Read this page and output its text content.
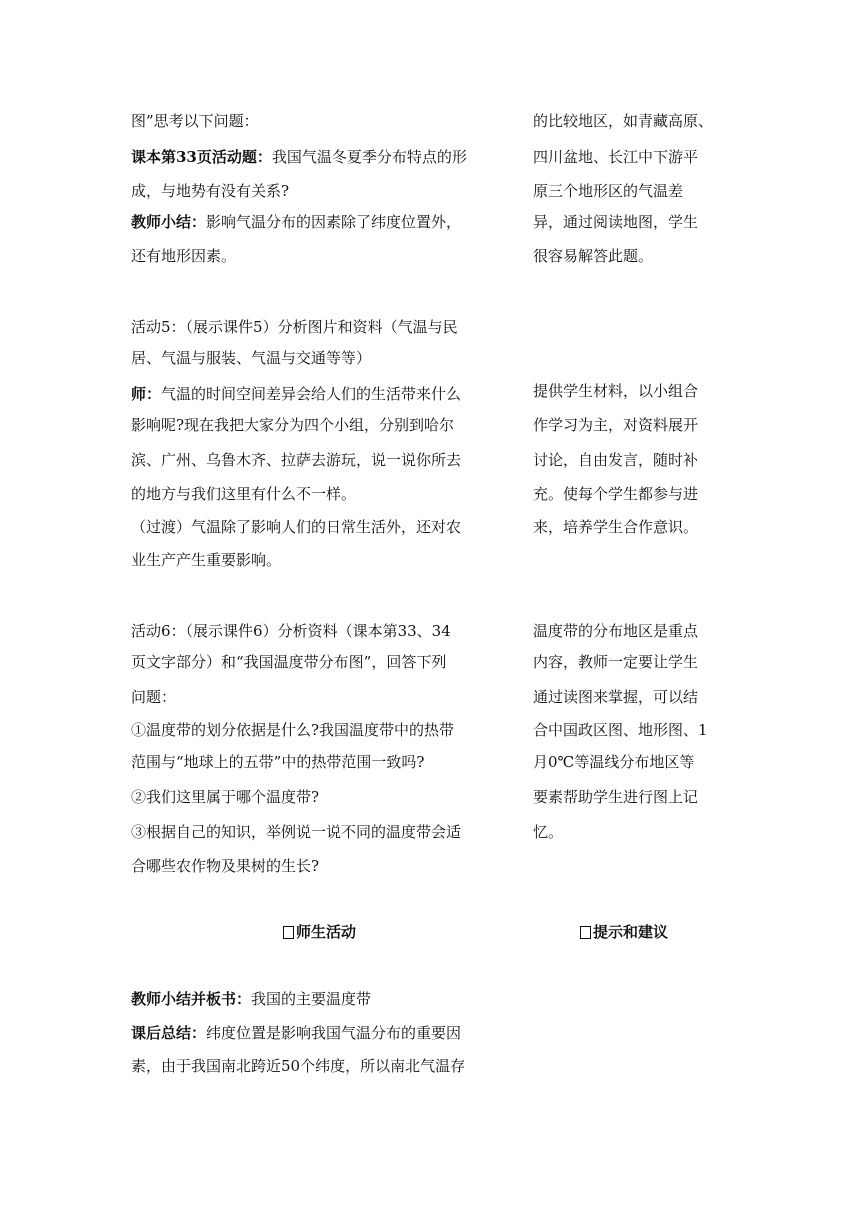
图”思考以下问题：
课本第33页活动题：我国气温冬夏季分布特点的形
成，与地势有没有关系?
教师小结：影响气温分布的因素除了纬度位置外，
还有地形因素。
活动5：（展示课件5）分析图片和资料（气温与民
居、气温与服装、气温与交通等等）
师：气温的时间空间差异会给人们的生活带来什么
影响呢?现在我把大家分为四个小组，分别到哈尔
滨、广州、乌鲁木齐、拉萨去游玩，说一说你所去
的地方与我们这里有什么不一样。
（过渡）气温除了影响人们的日常生活外，还对农
业生产产生重要影响。
活动6：（展示课件6）分析资料（课本第33、34
页文字部分）和“我国温度带分布图”，回答下列
问题：
①温度带的划分依据是什么?我国温度带中的热带
范围与“地球上的五带”中的热带范围一致吗?
②我们这里属于哪个温度带?
③根据自己的知识，举例说一说不同的温度带会适
合哪些农作物及果树的生长?
教师小结并板书：我国的主要温度带
课后总结：纬度位置是影响我国气温分布的重要因
素，由于我国南北跨近50个纬度，所以南北气温存
的比较地区，如青藏高原、
四川盆地、长江中下游平
原三个地形区的气温差
异，通过阅读地图，学生
很容易解答此题。
提供学生材料，以小组合
作学习为主，对资料展开
讨论，自由发言，随时补
充。使每个学生都参与进
来，培养学生合作意识。
温度带的分布地区是重点
内容，教师一定要让学生
通过读图来掌握，可以结
合中国政区图、地形图、1
月0℃等温线分布地区等
要素帮助学生进行图上记
忆。
师生活动	提示和建议
